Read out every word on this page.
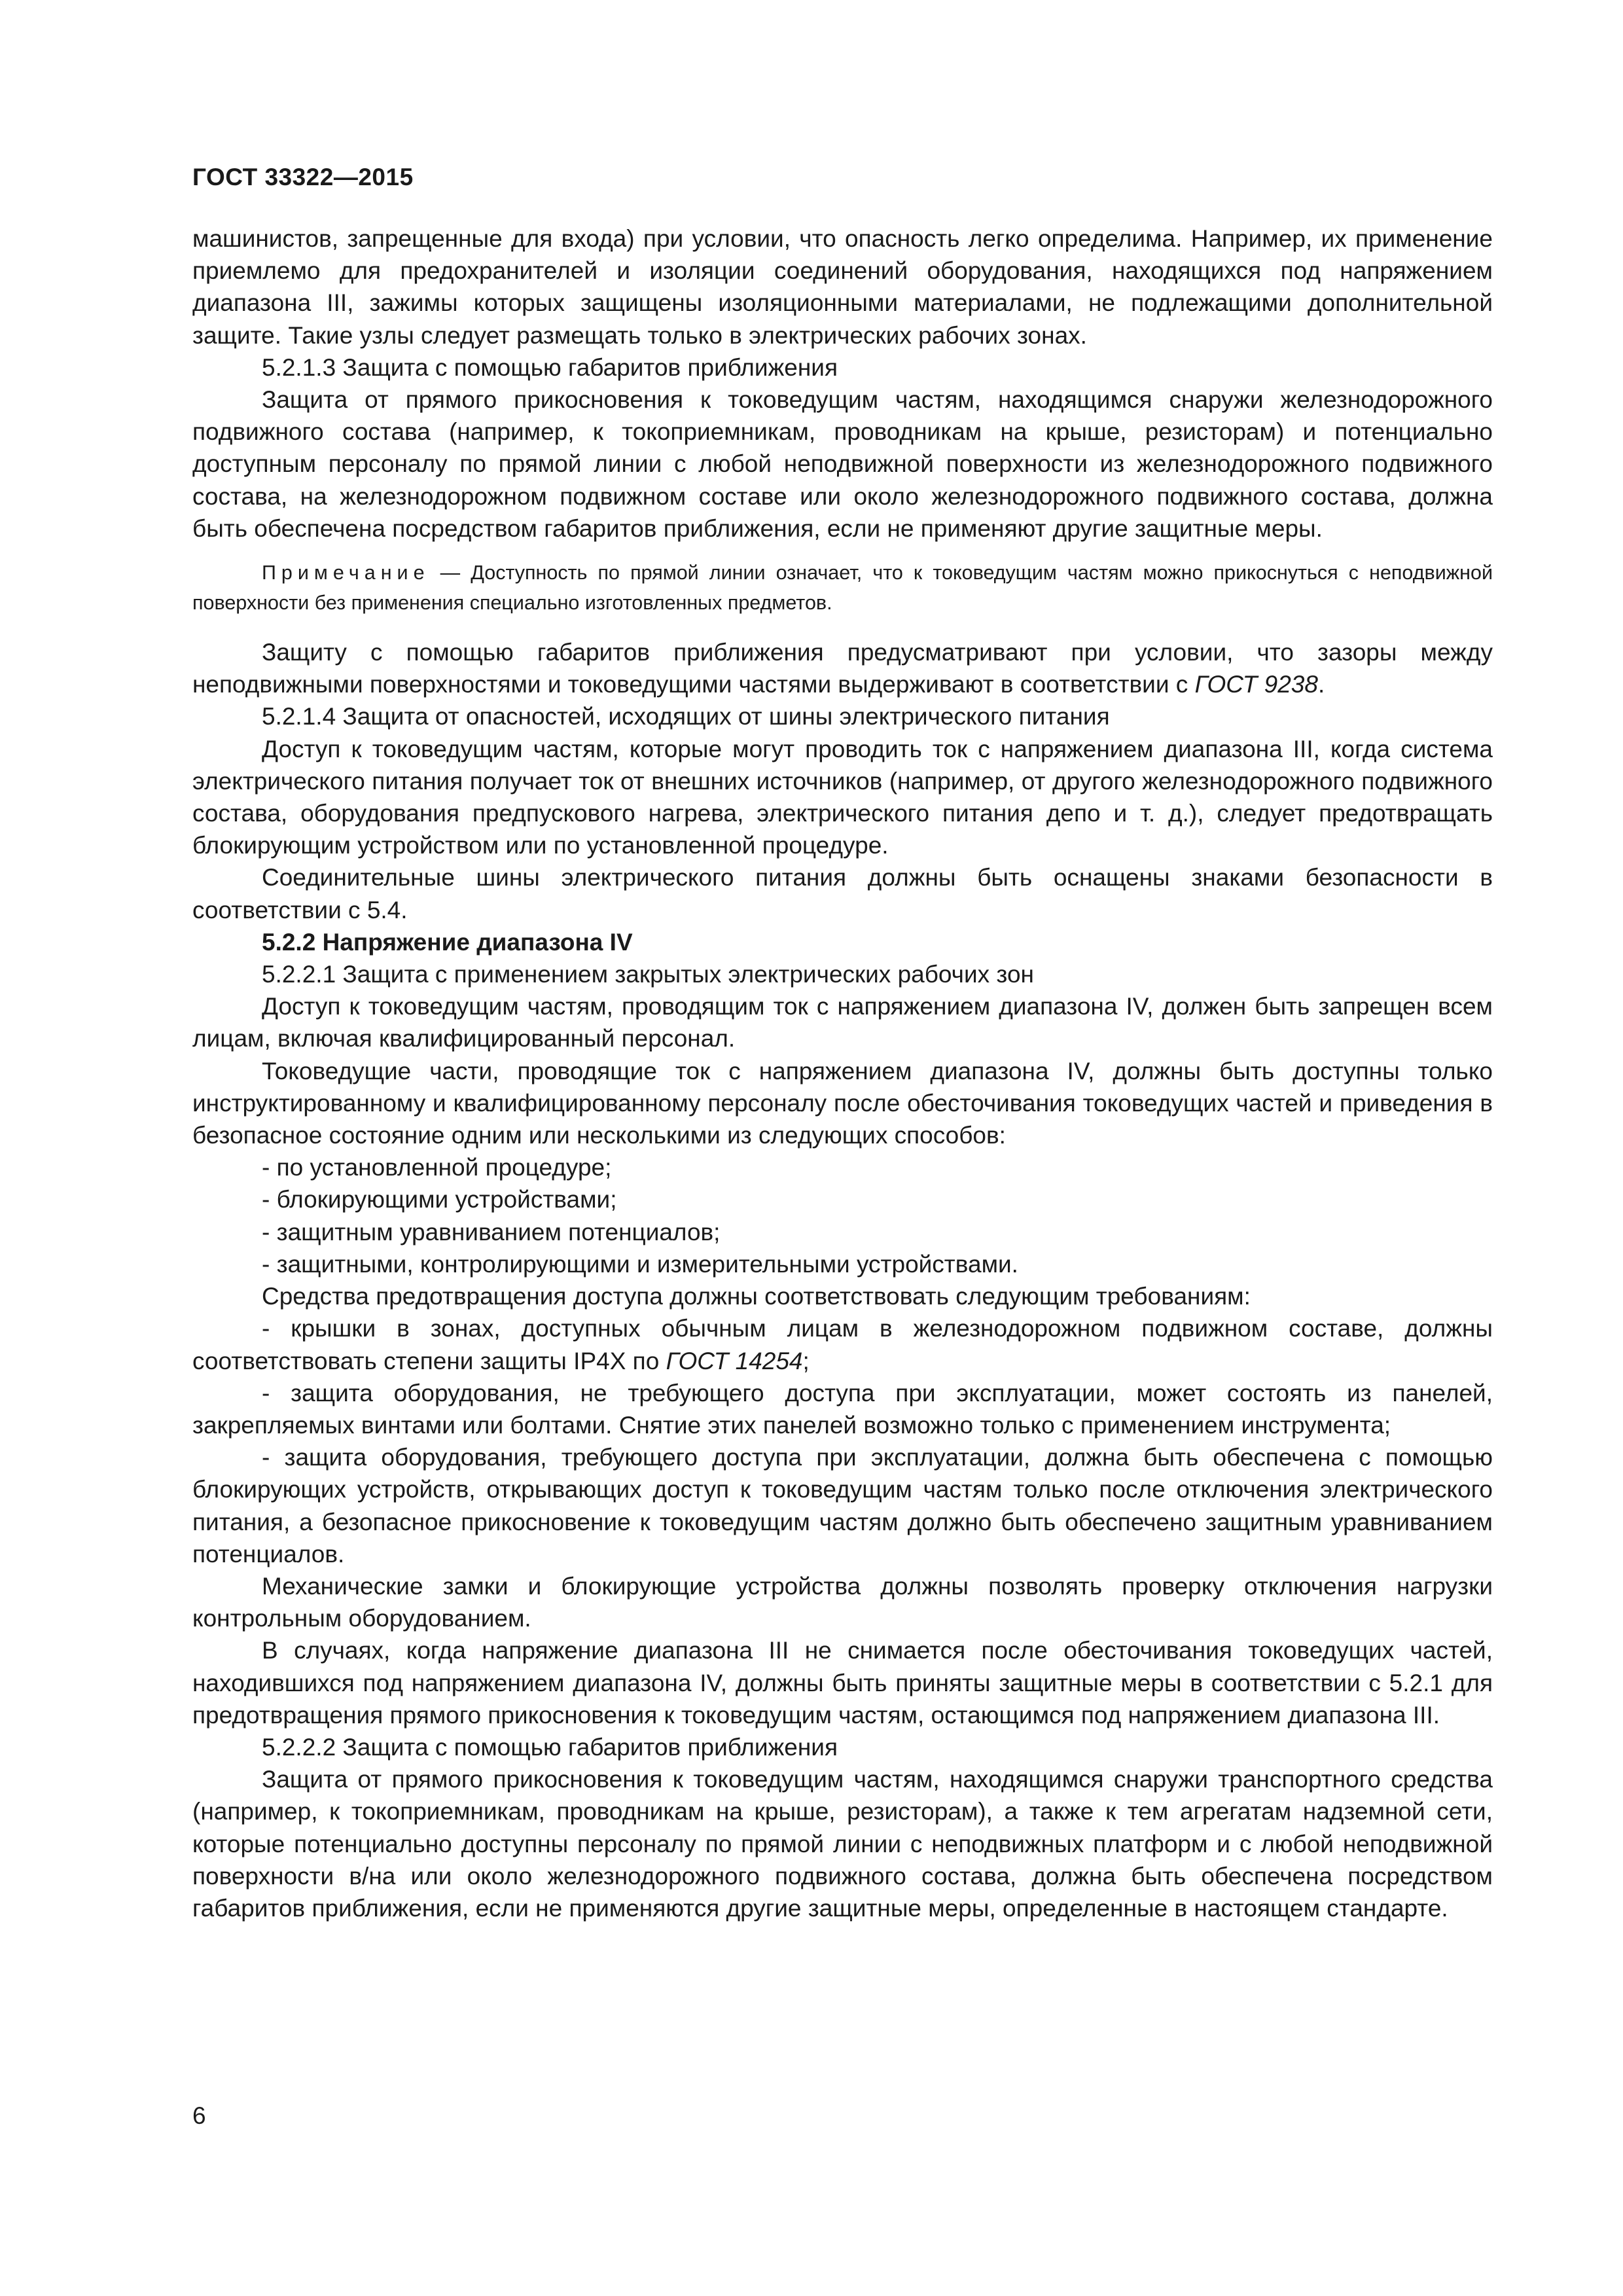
ГОСТ 33322—2015

машинистов, запрещенные для входа) при условии, что опасность легко определима. Например, их применение приемлемо для предохранителей и изоляции соединений оборудования, находящихся под напряжением диапазона III, зажимы которых защищены изоляционными материалами, не подлежащими дополнительной защите. Такие узлы следует размещать только в электрических рабочих зонах.

5.2.1.3 Защита с помощью габаритов приближения

Защита от прямого прикосновения к токоведущим частям, находящимся снаружи железнодорожного подвижного состава (например, к токоприемникам, проводникам на крыше, резисторам) и потенциально доступным персоналу по прямой линии с любой неподвижной поверхности из железнодорожного подвижного состава, на железнодорожном подвижном составе или около железнодорожного подвижного состава, должна быть обеспечена посредством габаритов приближения, если не применяют другие защитные меры.

Примечание — Доступность по прямой линии означает, что к токоведущим частям можно прикоснуться с неподвижной поверхности без применения специально изготовленных предметов.

Защиту с помощью габаритов приближения предусматривают при условии, что зазоры между неподвижными поверхностями и токоведущими частями выдерживают в соответствии с ГОСТ 9238.

5.2.1.4 Защита от опасностей, исходящих от шины электрического питания

Доступ к токоведущим частям, которые могут проводить ток с напряжением диапазона III, когда система электрического питания получает ток от внешних источников (например, от другого железнодорожного подвижного состава, оборудования предпускового нагрева, электрического питания депо и т. д.), следует предотвращать блокирующим устройством или по установленной процедуре.

Соединительные шины электрического питания должны быть оснащены знаками безопасности в соответствии с 5.4.

5.2.2 Напряжение диапазона IV

5.2.2.1 Защита с применением закрытых электрических рабочих зон

Доступ к токоведущим частям, проводящим ток с напряжением диапазона IV, должен быть запрещен всем лицам, включая квалифицированный персонал.

Токоведущие части, проводящие ток с напряжением диапазона IV, должны быть доступны только инструктированному и квалифицированному персоналу после обесточивания токоведущих частей и приведения в безопасное состояние одним или несколькими из следующих способов:

- по установленной процедуре;

- блокирующими устройствами;

- защитным уравниванием потенциалов;

- защитными, контролирующими и измерительными устройствами.

Средства предотвращения доступа должны соответствовать следующим требованиям:

- крышки в зонах, доступных обычным лицам в железнодорожном подвижном составе, должны соответствовать степени защиты IP4X по ГОСТ 14254;

- защита оборудования, не требующего доступа при эксплуатации, может состоять из панелей, закрепляемых винтами или болтами. Снятие этих панелей возможно только с применением инструмента;

- защита оборудования, требующего доступа при эксплуатации, должна быть обеспечена с помощью блокирующих устройств, открывающих доступ к токоведущим частям только после отключения электрического питания, а безопасное прикосновение к токоведущим частям должно быть обеспечено защитным уравниванием потенциалов.

Механические замки и блокирующие устройства должны позволять проверку отключения нагрузки контрольным оборудованием.

В случаях, когда напряжение диапазона III не снимается после обесточивания токоведущих частей, находившихся под напряжением диапазона IV, должны быть приняты защитные меры в соответствии с 5.2.1 для предотвращения прямого прикосновения к токоведущим частям, остающимся под напряжением диапазона III.

5.2.2.2 Защита с помощью габаритов приближения

Защита от прямого прикосновения к токоведущим частям, находящимся снаружи транспортного средства (например, к токоприемникам, проводникам на крыше, резисторам), а также к тем агрегатам надземной сети, которые потенциально доступны персоналу по прямой линии с неподвижных платформ и с любой неподвижной поверхности в/на или около железнодорожного подвижного состава, должна быть обеспечена посредством габаритов приближения, если не применяются другие защитные меры, определенные в настоящем стандарте.

6
